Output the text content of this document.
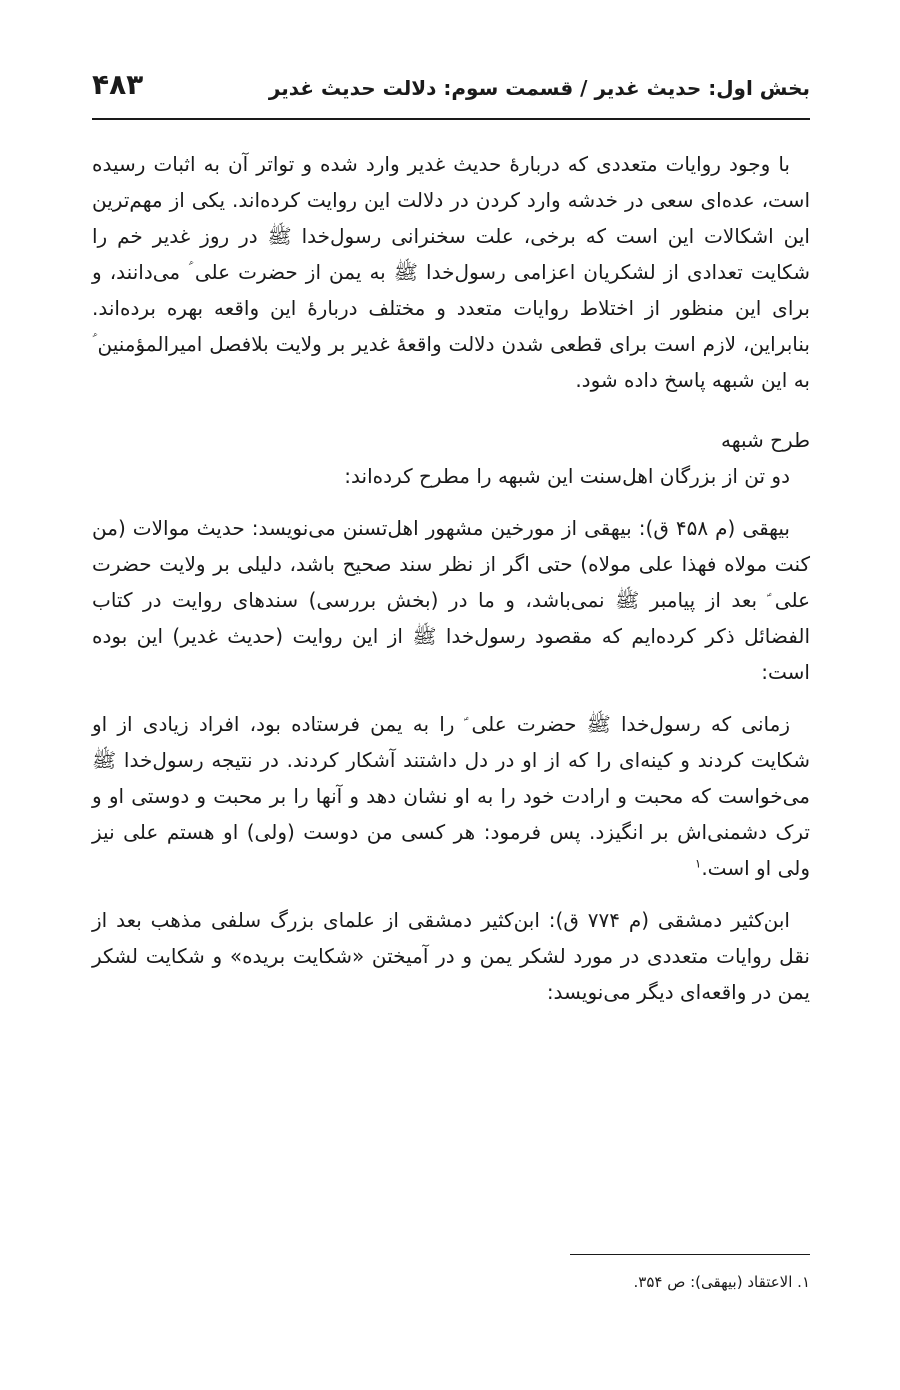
بخش اول: حدیث غدیر / قسمت سوم: دلالت حدیث غدیر
۴۸۳

با وجود روایات متعددی که دربارۀ حدیث غدیر وارد شده و تواتر آن به اثبات رسیده است، عده‌ای سعی در خدشه وارد کردن در دلالت این روایت کرده‌اند. یکی از مهم‌ترین این اشکالات این است که برخی، علت سخنرانی رسول‌خدا ﷺ در روز غدیر خم را شکایت تعدادی از لشکریان اعزامی رسول‌خدا ﷺ به یمن از حضرت علی ؑ می‌دانند، و برای این منظور از اختلاط روایات متعدد و مختلف دربارۀ این واقعه بهره برده‌اند. بنابراین، لازم است برای قطعی شدن دلالت واقعۀ غدیر بر ولایت بلافصل امیرالمؤمنین ؑ به این شبهه پاسخ داده شود.

طرح شبهه

دو تن از بزرگان اهل‌سنت این شبهه را مطرح کرده‌اند:

بیهقی (م ۴۵۸ ق): بیهقی از مورخین مشهور اهل‌تسنن می‌نویسد: حدیث موالات (من کنت مولاه فهذا علی مولاه) حتی اگر از نظر سند صحیح باشد، دلیلی بر ولایت حضرت علی ؑ بعد از پیامبر ﷺ نمی‌باشد، و ما در (بخش بررسی) سندهای روایت در کتاب الفضائل ذکر کرده‌ایم که مقصود رسول‌خدا ﷺ از این روایت (حدیث غدیر) این بوده است:

زمانی که رسول‌خدا ﷺ حضرت علی ؑ را به یمن فرستاده بود، افراد زیادی از او شکایت کردند و کینه‌ای را که از او در دل داشتند آشکار کردند. در نتیجه رسول‌خدا ﷺ می‌خواست که محبت و ارادت خود را به او نشان دهد و آنها را بر محبت و دوستی او و ترک دشمنی‌اش بر انگیزد. پس فرمود: هر کسی من دوست (ولی) او هستم علی نیز ولی او است.$^۱$

ابن‌کثیر دمشقی (م ۷۷۴ ق): ابن‌کثیر دمشقی از علمای بزرگ سلفی مذهب بعد از نقل روایات متعددی در مورد لشکر یمن و در آمیختن «شکایت بریده» و شکایت لشکر یمن در واقعه‌ای دیگر می‌نویسد:

۱. الاعتقاد (بیهقی): ص ۳۵۴.
